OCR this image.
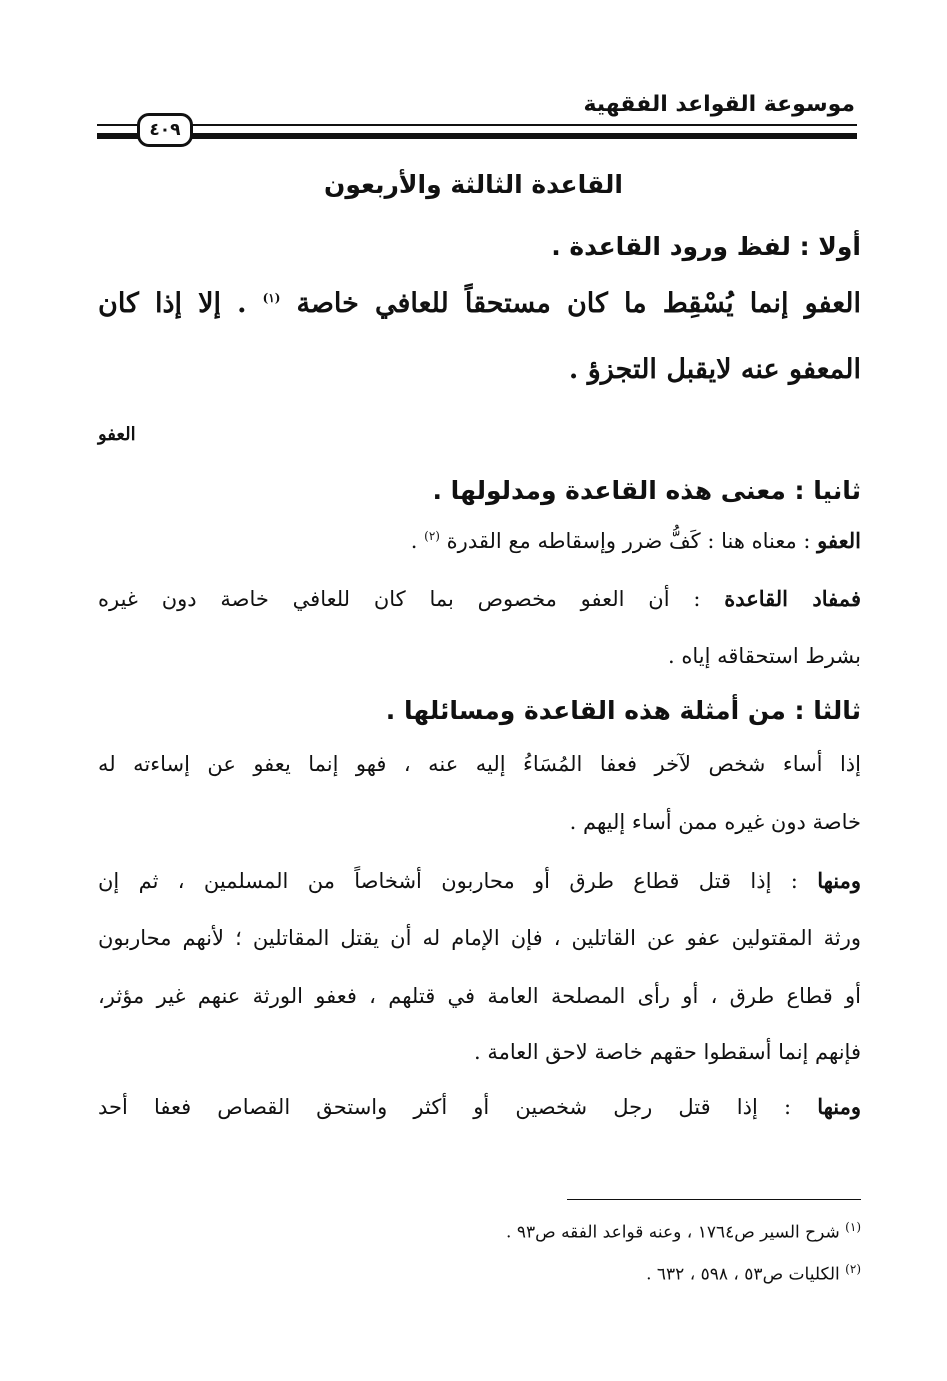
موسوعة القواعد الفقهية
٤٠٩
القاعدة الثالثة والأربعون
أولا : لفظ ورود القاعدة .
العفو إنما يُسْقِط ما كان مستحقاً للعافي خاصة $^{(١)}$ . إلا إذا كان
المعفو عنه لايقبل التجزؤ .
العفو
ثانيا : معنى هذه القاعدة ومدلولها .
العفو : معناه هنا : كَفُّ ضرر وإسقاطه مع القدرة $^{(٢)}$ .
فمفاد القاعدة : أن العفو مخصوص بما كان للعافي خاصة دون غيره
بشرط استحقاقه إياه .
ثالثا : من أمثلة هذه القاعدة ومسائلها .
إذا أساء شخص لآخر فعفا المُسَاءُ إليه عنه ، فهو إنما يعفو عن إساءته له
خاصة دون غيره ممن أساء إليهم .
ومنها : إذا قتل قطاع طرق أو محاربون أشخاصاً من المسلمين ، ثم إن
ورثة المقتولين عفو عن القاتلين ، فإن الإمام له أن يقتل المقاتلين ؛ لأنهم محاربون
أو قطاع طرق ، أو رأى المصلحة العامة في قتلهم ، فعفو الورثة عنهم غير مؤثر،
فإنهم إنما أسقطوا حقهم خاصة لاحق العامة .
ومنها : إذا قتل رجل شخصين أو أكثر واستحق القصاص فعفا أحد
$^{(١)}$ شرح السير ص١٧٦٤ ، وعنه قواعد الفقه ص٩٣ .
$^{(٢)}$ الكليات ص٥٣ ، ٥٩٨ ، ٦٣٢ .
